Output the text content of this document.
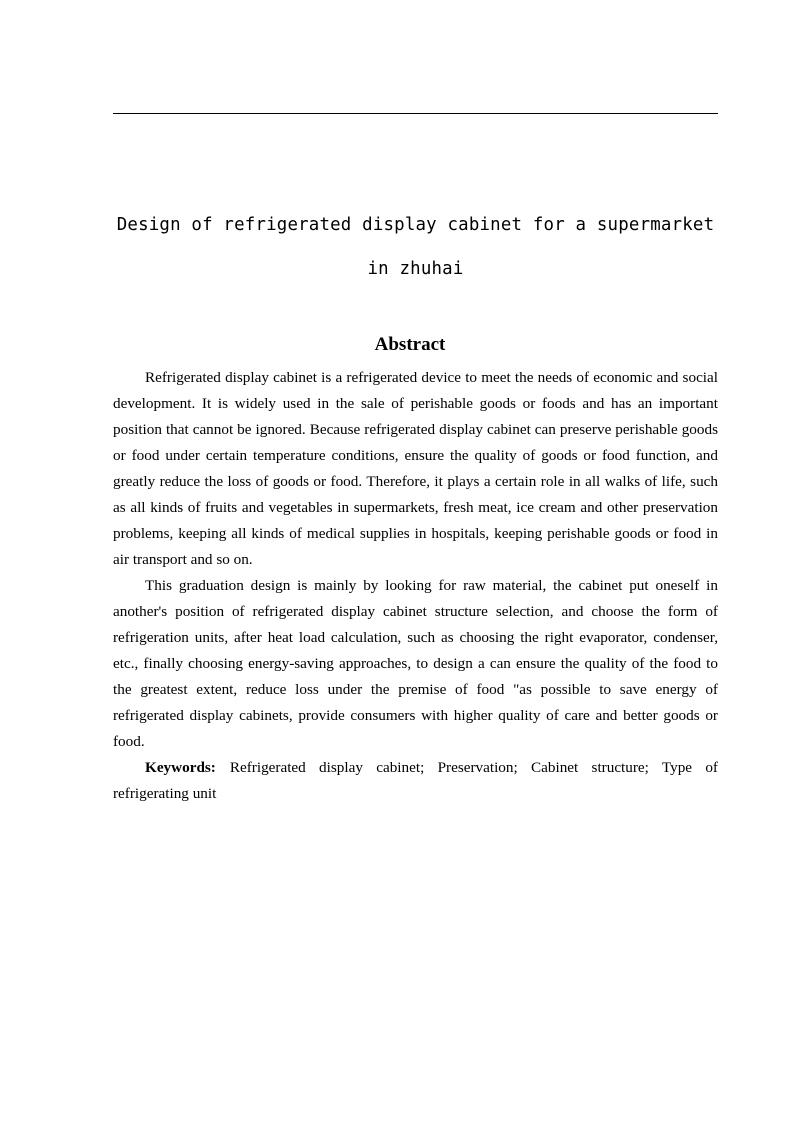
Design of refrigerated display cabinet for a supermarket in zhuhai
Abstract

Refrigerated display cabinet is a refrigerated device to meet the needs of economic and social development. It is widely used in the sale of perishable goods or foods and has an important position that cannot be ignored. Because refrigerated display cabinet can preserve perishable goods or food under certain temperature conditions, ensure the quality of goods or food function, and greatly reduce the loss of goods or food. Therefore, it plays a certain role in all walks of life, such as all kinds of fruits and vegetables in supermarkets, fresh meat, ice cream and other preservation problems, keeping all kinds of medical supplies in hospitals, keeping perishable goods or food in air transport and so on.

This graduation design is mainly by looking for raw material, the cabinet put oneself in another's position of refrigerated display cabinet structure selection, and choose the form of refrigeration units, after heat load calculation, such as choosing the right evaporator, condenser, etc., finally choosing energy-saving approaches, to design a can ensure the quality of the food to the greatest extent, reduce loss under the premise of food "as possible to save energy of refrigerated display cabinets, provide consumers with higher quality of care and better goods or food.

Keywords: Refrigerated display cabinet; Preservation; Cabinet structure; Type of refrigerating unit
